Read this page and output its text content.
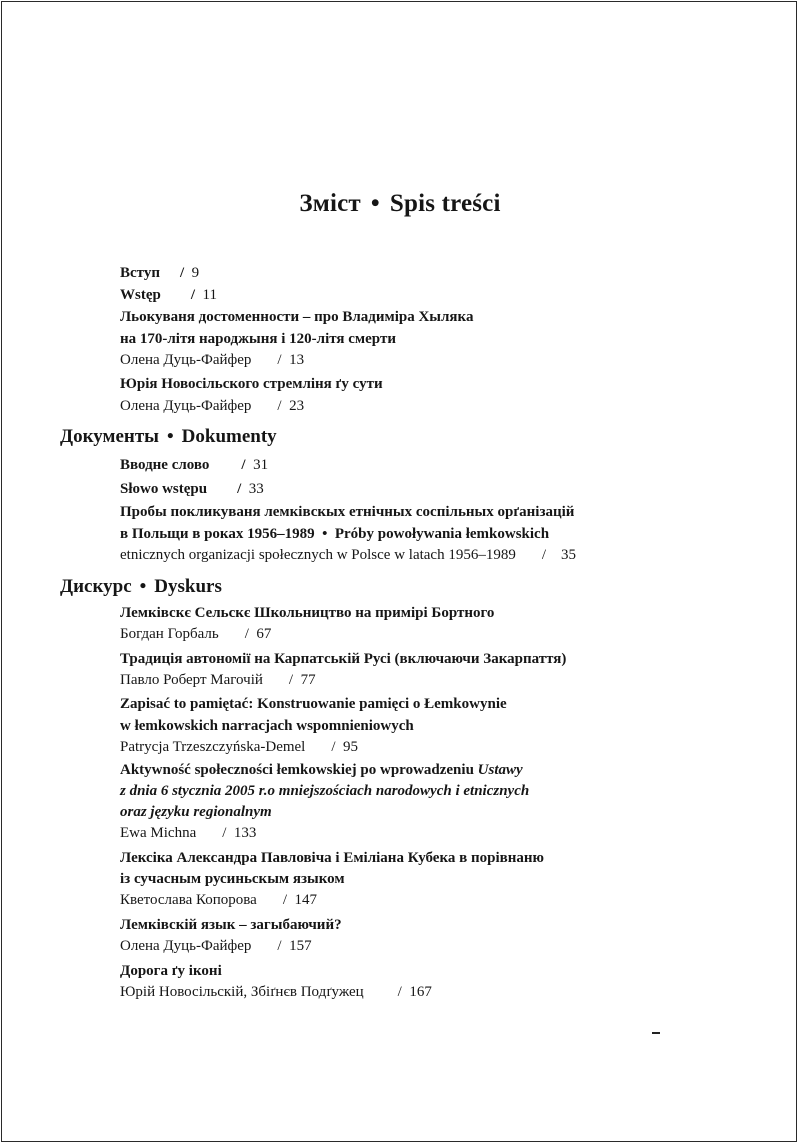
Зміст • Spis treści
Вступ / 9
Wstęp / 11
Льокуваня достоменности – про Владиміра Хыляка
на 170-літя народжыня і 120-літя смерти
Олена Дуць-Файфер / 13
Юрія Новосільского стремліня ґу сути
Олена Дуць-Файфер / 23
Документы • Dokumenty
Вводне слово / 31
Słowo wstępu / 33
Пробы покликуваня лемківскых етнічных соспільных орґанізацій
в Польщи в роках 1956–1989 • Próby powoływania łemkowskich
etnicznych organizacji społecznych w Polsce w latach 1956–1989 / 35
Дискурс • Dyskurs
Лемківскє Сельскє Школьництво на примірі Бортного
Богдан Горбаль / 67
Традиція автономії на Карпатській Русі (включаючи Закарпаття)
Павло Роберт Магочій / 77
Zapisać to pamiętać: Konstruowanie pamięci o Łemkowynie
w łemkowskich narracjach wspomnieniowych
Patrycja Trzeszczyńska-Demel / 95
Aktywność społeczności łemkowskiej po wprowadzeniu Ustawy
z dnia 6 stycznia 2005 r.o mniejszościach narodowych i etnicznych
oraz języku regionalnym
Ewa Michna / 133
Лексіка Александра Павловіча і Еміліана Кубека в порівнаню
із сучасным русиньскым языком
Кветослава Копорова / 147
Лемківскій язык – загыбаючий?
Олена Дуць-Файфер / 157
Дорога ґу іконі
Юрій Новосільскій, Збіґнєв Подґужец / 167
